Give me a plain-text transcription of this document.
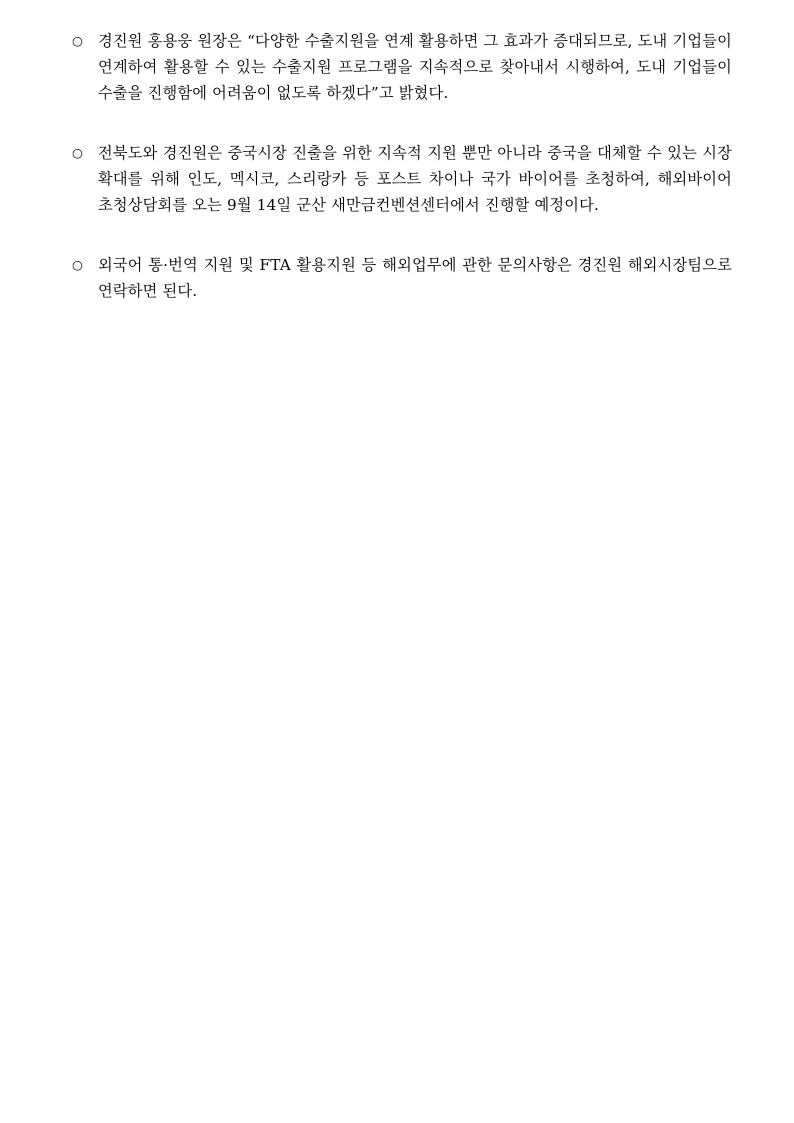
○ 경진원 홍용웅 원장은 “다양한 수출지원을 연계 활용하면 그 효과가 증대되므로, 도내 기업들이 연계하여 활용할 수 있는 수출지원 프로그램을 지속적으로 찾아내서 시행하여, 도내 기업들이 수출을 진행함에 어려움이 없도록 하겠다”고 밝혔다.
○ 전북도와 경진원은 중국시장 진출을 위한 지속적 지원 뿐만 아니라 중국을 대체할 수 있는 시장 확대를 위해 인도, 멕시코, 스리랑카 등 포스트 차이나 국가 바이어를 초청하여, 해외바이어 초청상담회를 오는 9월 14일 군산 새만금컨벤션센터에서 진행할 예정이다.
○ 외국어 통·번역 지원 및 FTA 활용지원 등 해외업무에 관한 문의사항은 경진원 해외시장팀으로 연락하면 된다.
